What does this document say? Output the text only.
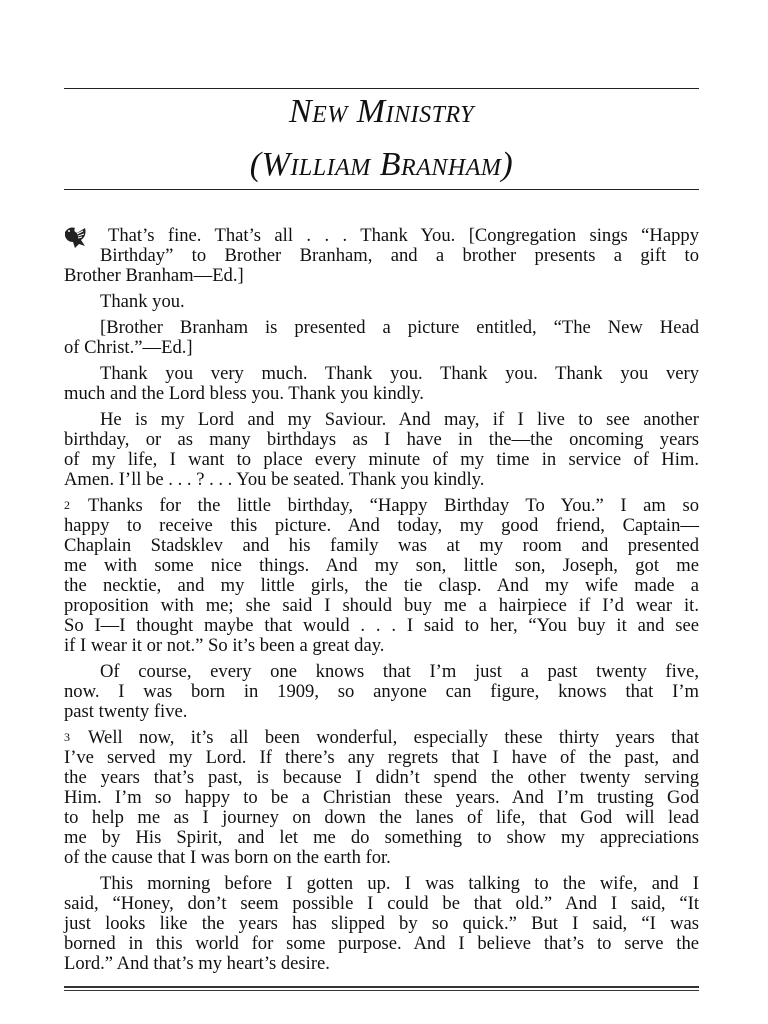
New Ministry
(William Branham)
That’s fine. That’s all . . . Thank You. [Congregation sings “Happy
Birthday” to Brother Branham, and a brother presents a gift to
Brother Branham—Ed.]
Thank you.
[Brother Branham is presented a picture entitled, “The New Head
of Christ.”—Ed.]
Thank you very much. Thank you. Thank you. Thank you very
much and the Lord bless you. Thank you kindly.
He is my Lord and my Saviour. And may, if I live to see another
birthday, or as many birthdays as I have in the—the oncoming years
of my life, I want to place every minute of my time in service of Him.
Amen. I’ll be . . . ? . . . You be seated. Thank you kindly.
2 Thanks for the little birthday, “Happy Birthday To You.” I am so
happy to receive this picture. And today, my good friend, Captain—
Chaplain Stadsklev and his family was at my room and presented
me with some nice things. And my son, little son, Joseph, got me
the necktie, and my little girls, the tie clasp. And my wife made a
proposition with me; she said I should buy me a hairpiece if I’d wear it.
So I—I thought maybe that would . . . I said to her, “You buy it and see
if I wear it or not.” So it’s been a great day.
Of course, every one knows that I’m just a past twenty five,
now. I was born in 1909, so anyone can figure, knows that I’m
past twenty five.
3 Well now, it’s all been wonderful, especially these thirty years that
I’ve served my Lord. If there’s any regrets that I have of the past, and
the years that’s past, is because I didn’t spend the other twenty serving
Him. I’m so happy to be a Christian these years. And I’m trusting God
to help me as I journey on down the lanes of life, that God will lead
me by His Spirit, and let me do something to show my appreciations
of the cause that I was born on the earth for.
This morning before I gotten up. I was talking to the wife, and I
said, “Honey, don’t seem possible I could be that old.” And I said, “It
just looks like the years has slipped by so quick.” But I said, “I was
borned in this world for some purpose. And I believe that’s to serve the
Lord.” And that’s my heart’s desire.
